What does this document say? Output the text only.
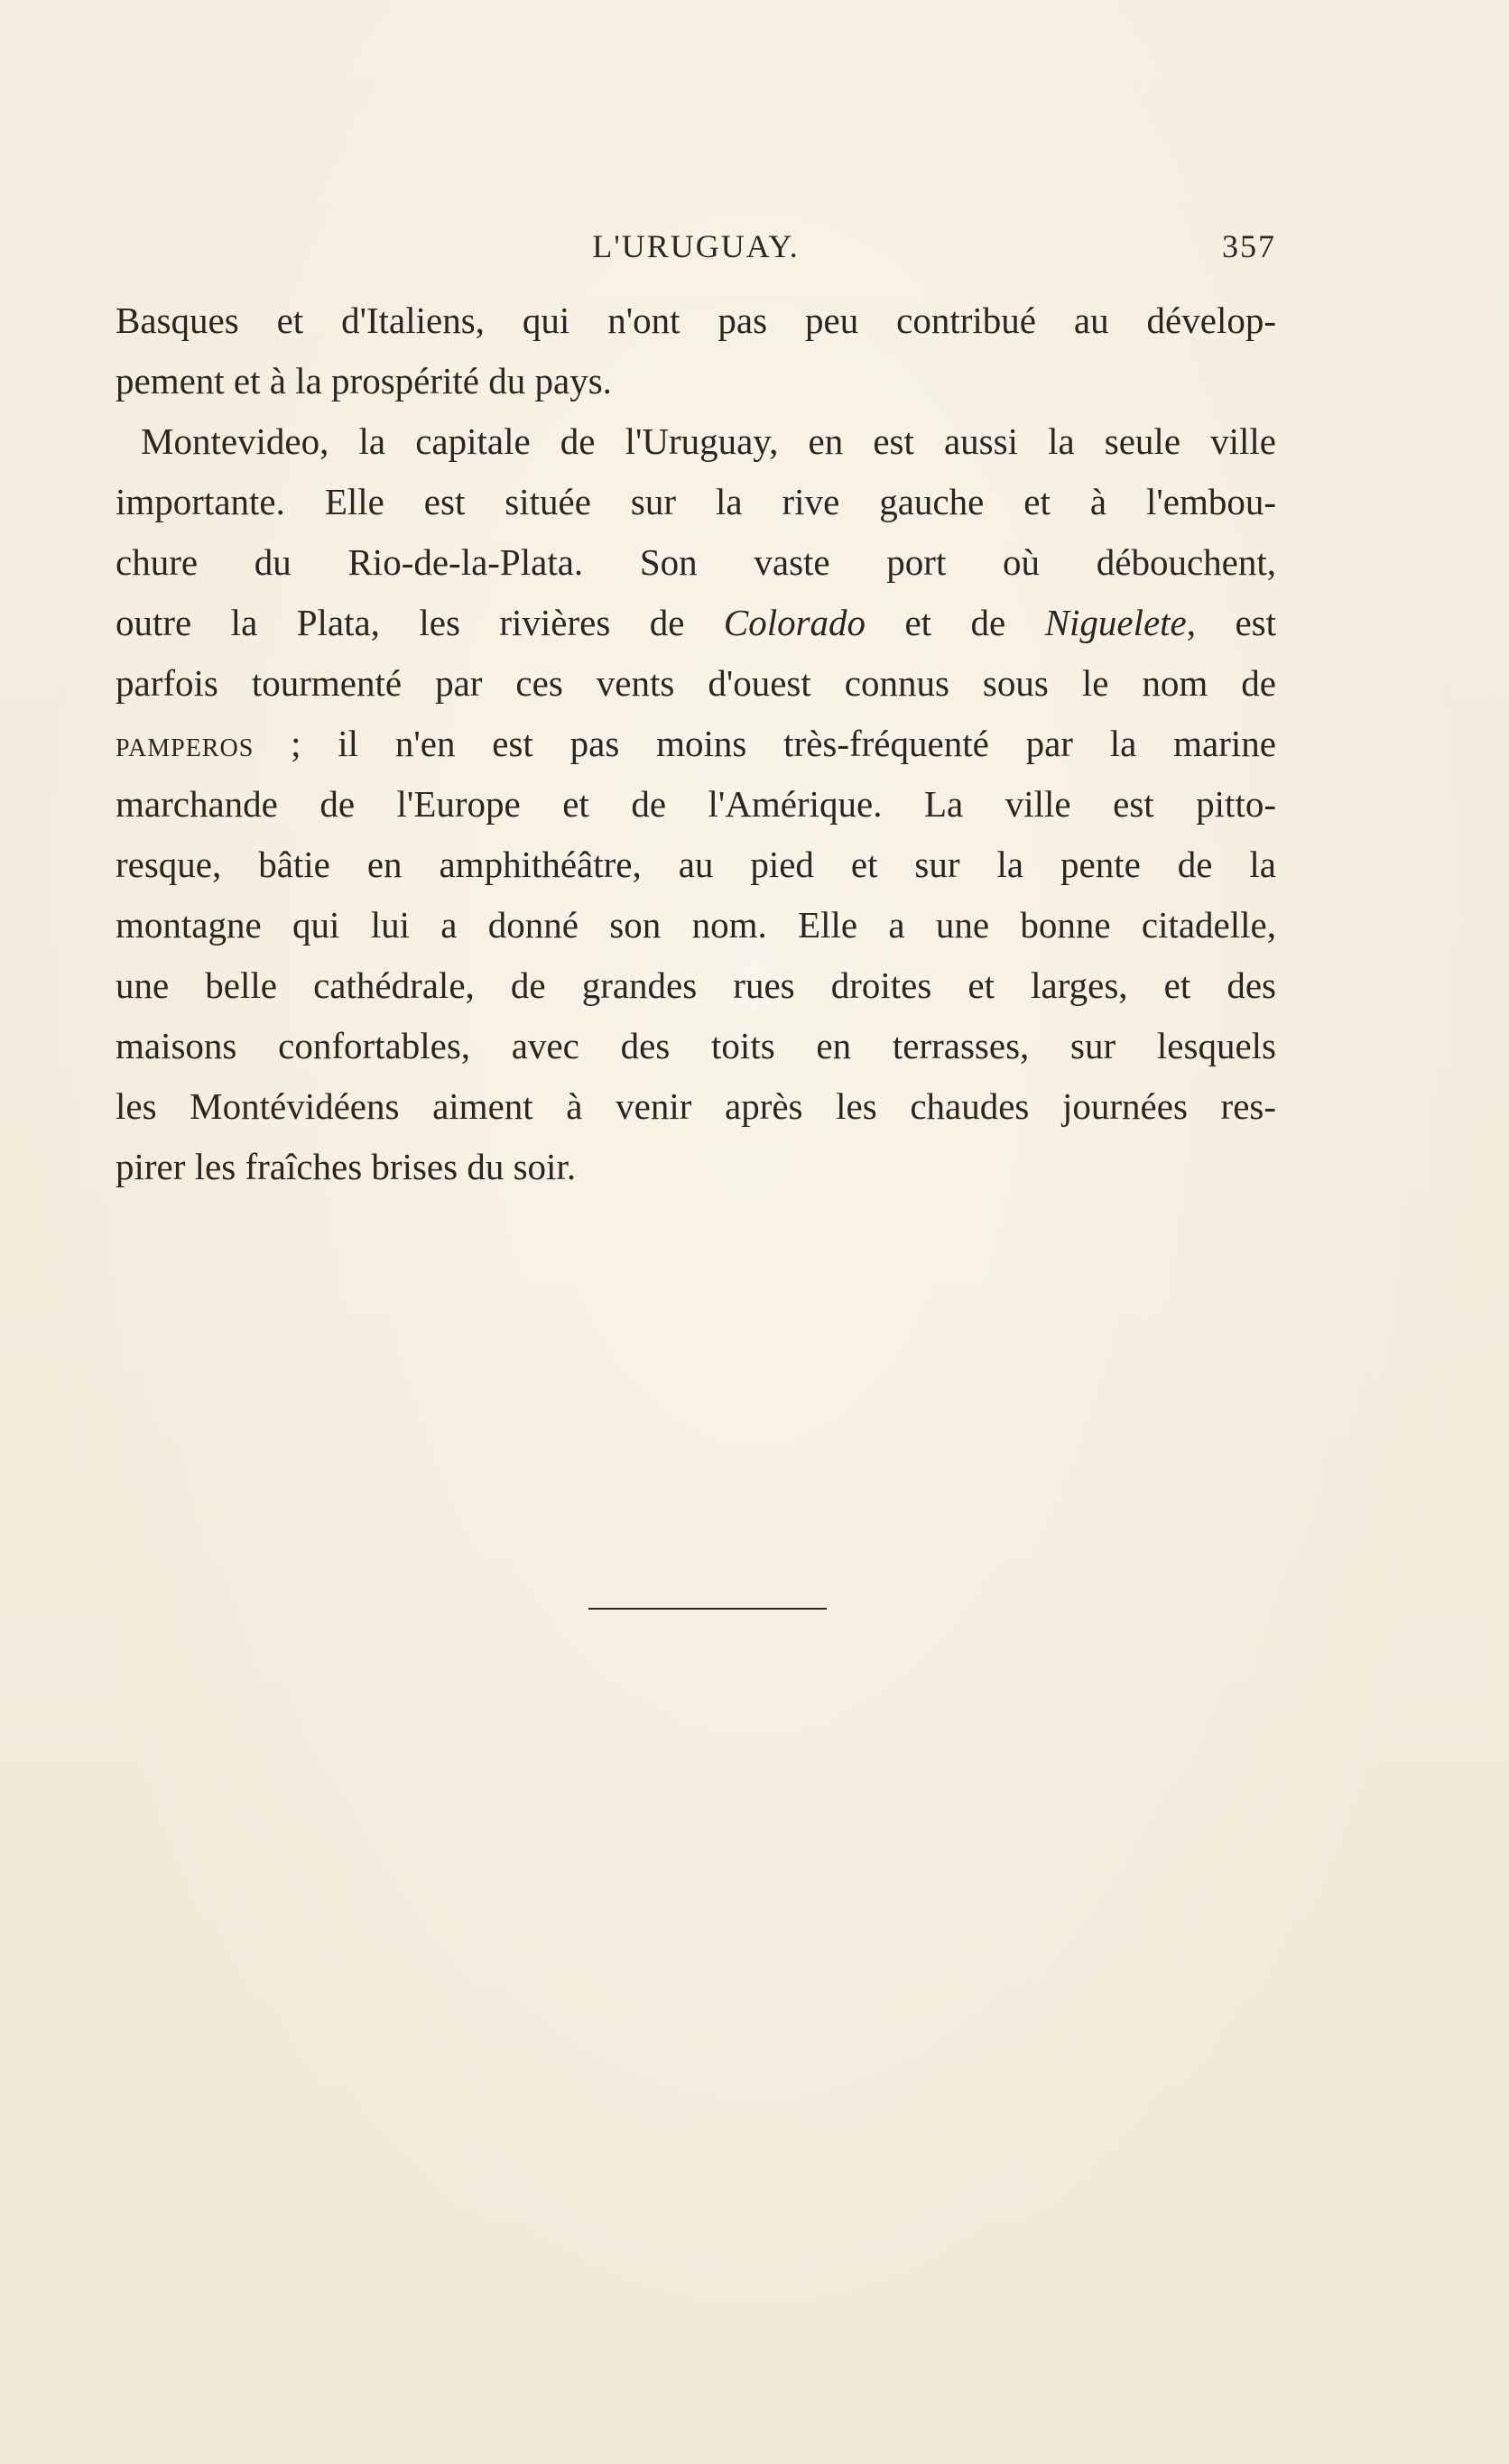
L'URUGUAY.	357
Basques et d'Italiens, qui n'ont pas peu contribué au dévelop-
pement et à la prospérité du pays.
Montevideo, la capitale de l'Uruguay, en est aussi la seule ville
importante. Elle est située sur la rive gauche et à l'embou-
chure du Rio-de-la-Plata. Son vaste port où débouchent,
outre la Plata, les rivières de Colorado et de Niguelete, est
parfois tourmenté par ces vents d'ouest connus sous le nom de
PAMPEROS ; il n'en est pas moins très-fréquenté par la marine
marchande de l'Europe et de l'Amérique. La ville est pitto-
resque, bâtie en amphithéâtre, au pied et sur la pente de la
montagne qui lui a donné son nom. Elle a une bonne citadelle,
une belle cathédrale, de grandes rues droites et larges, et des
maisons confortables, avec des toits en terrasses, sur lesquels
les Montévidéens aiment à venir après les chaudes journées res-
pirer les fraîches brises du soir.
